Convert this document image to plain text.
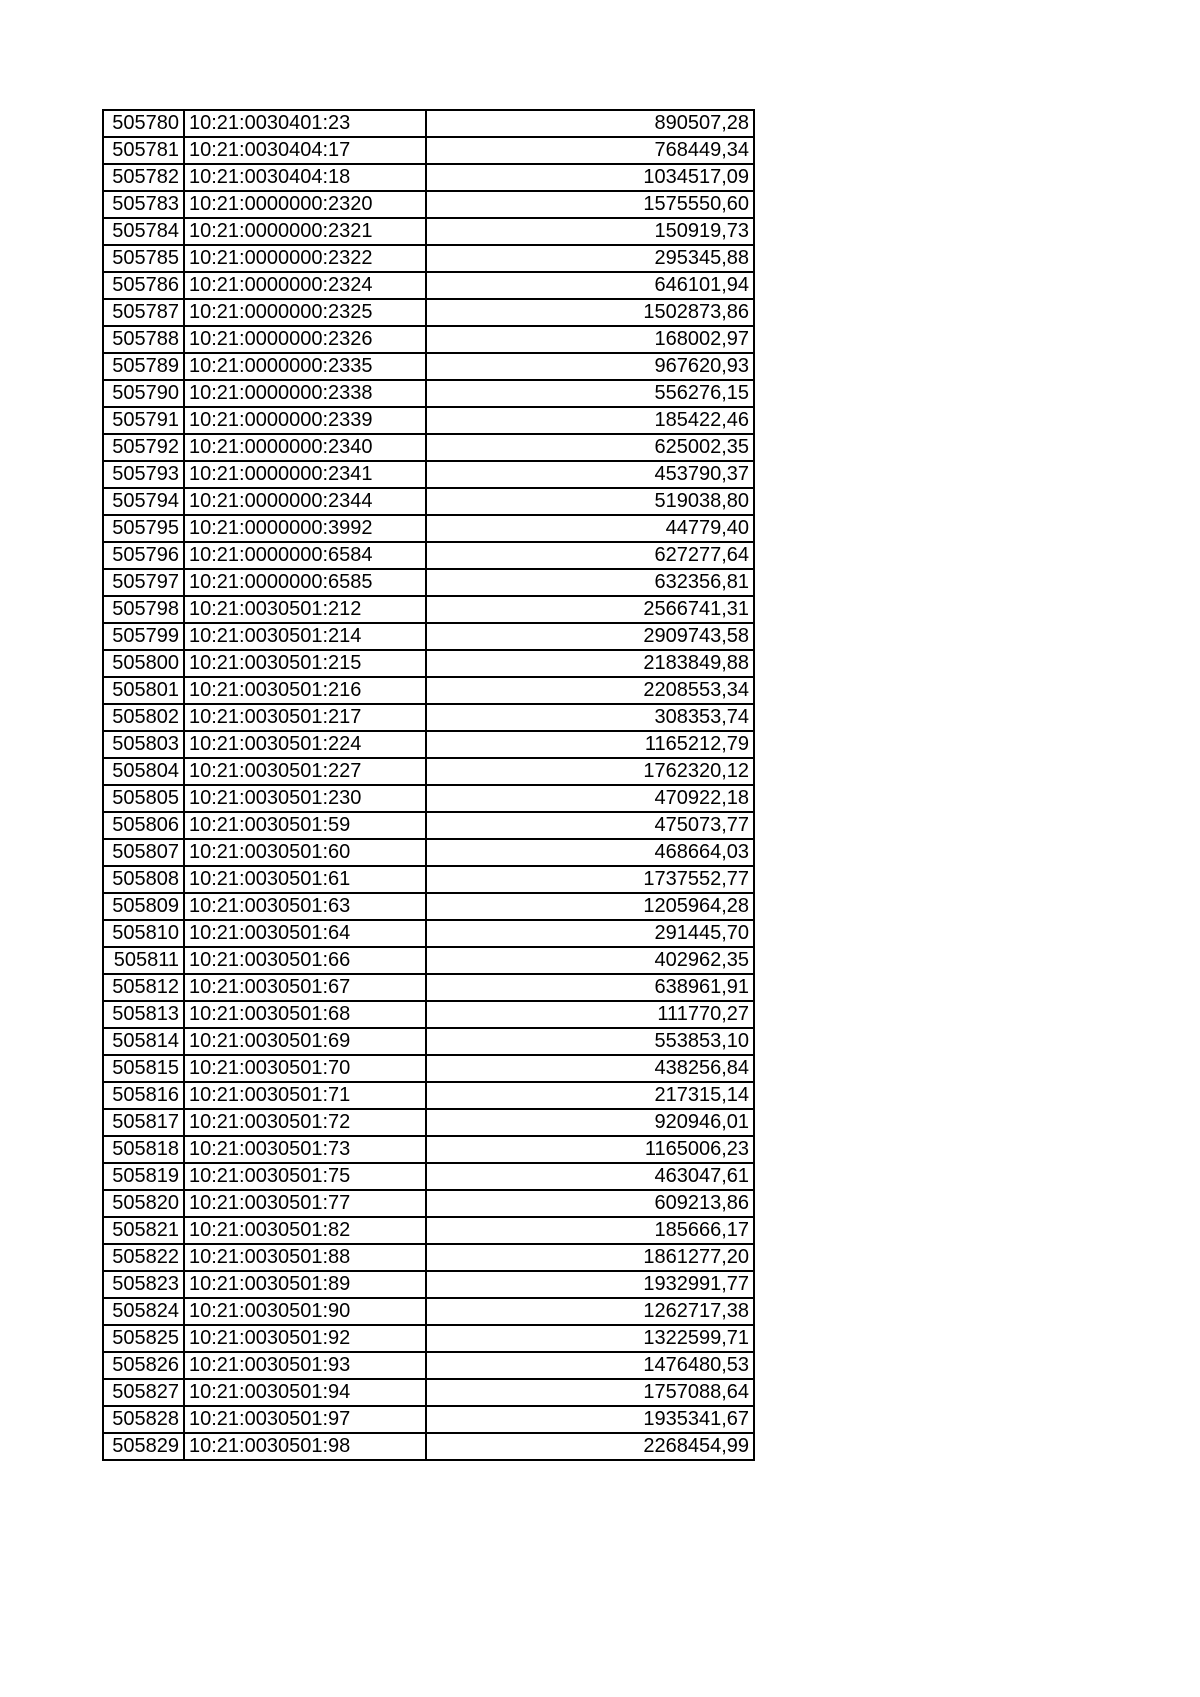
505780	10:21:0030401:23	890507,28
505781	10:21:0030404:17	768449,34
505782	10:21:0030404:18	1034517,09
505783	10:21:0000000:2320	1575550,60
505784	10:21:0000000:2321	150919,73
505785	10:21:0000000:2322	295345,88
505786	10:21:0000000:2324	646101,94
505787	10:21:0000000:2325	1502873,86
505788	10:21:0000000:2326	168002,97
505789	10:21:0000000:2335	967620,93
505790	10:21:0000000:2338	556276,15
505791	10:21:0000000:2339	185422,46
505792	10:21:0000000:2340	625002,35
505793	10:21:0000000:2341	453790,37
505794	10:21:0000000:2344	519038,80
505795	10:21:0000000:3992	44779,40
505796	10:21:0000000:6584	627277,64
505797	10:21:0000000:6585	632356,81
505798	10:21:0030501:212	2566741,31
505799	10:21:0030501:214	2909743,58
505800	10:21:0030501:215	2183849,88
505801	10:21:0030501:216	2208553,34
505802	10:21:0030501:217	308353,74
505803	10:21:0030501:224	1165212,79
505804	10:21:0030501:227	1762320,12
505805	10:21:0030501:230	470922,18
505806	10:21:0030501:59	475073,77
505807	10:21:0030501:60	468664,03
505808	10:21:0030501:61	1737552,77
505809	10:21:0030501:63	1205964,28
505810	10:21:0030501:64	291445,70
505811	10:21:0030501:66	402962,35
505812	10:21:0030501:67	638961,91
505813	10:21:0030501:68	111770,27
505814	10:21:0030501:69	553853,10
505815	10:21:0030501:70	438256,84
505816	10:21:0030501:71	217315,14
505817	10:21:0030501:72	920946,01
505818	10:21:0030501:73	1165006,23
505819	10:21:0030501:75	463047,61
505820	10:21:0030501:77	609213,86
505821	10:21:0030501:82	185666,17
505822	10:21:0030501:88	1861277,20
505823	10:21:0030501:89	1932991,77
505824	10:21:0030501:90	1262717,38
505825	10:21:0030501:92	1322599,71
505826	10:21:0030501:93	1476480,53
505827	10:21:0030501:94	1757088,64
505828	10:21:0030501:97	1935341,67
505829	10:21:0030501:98	2268454,99
